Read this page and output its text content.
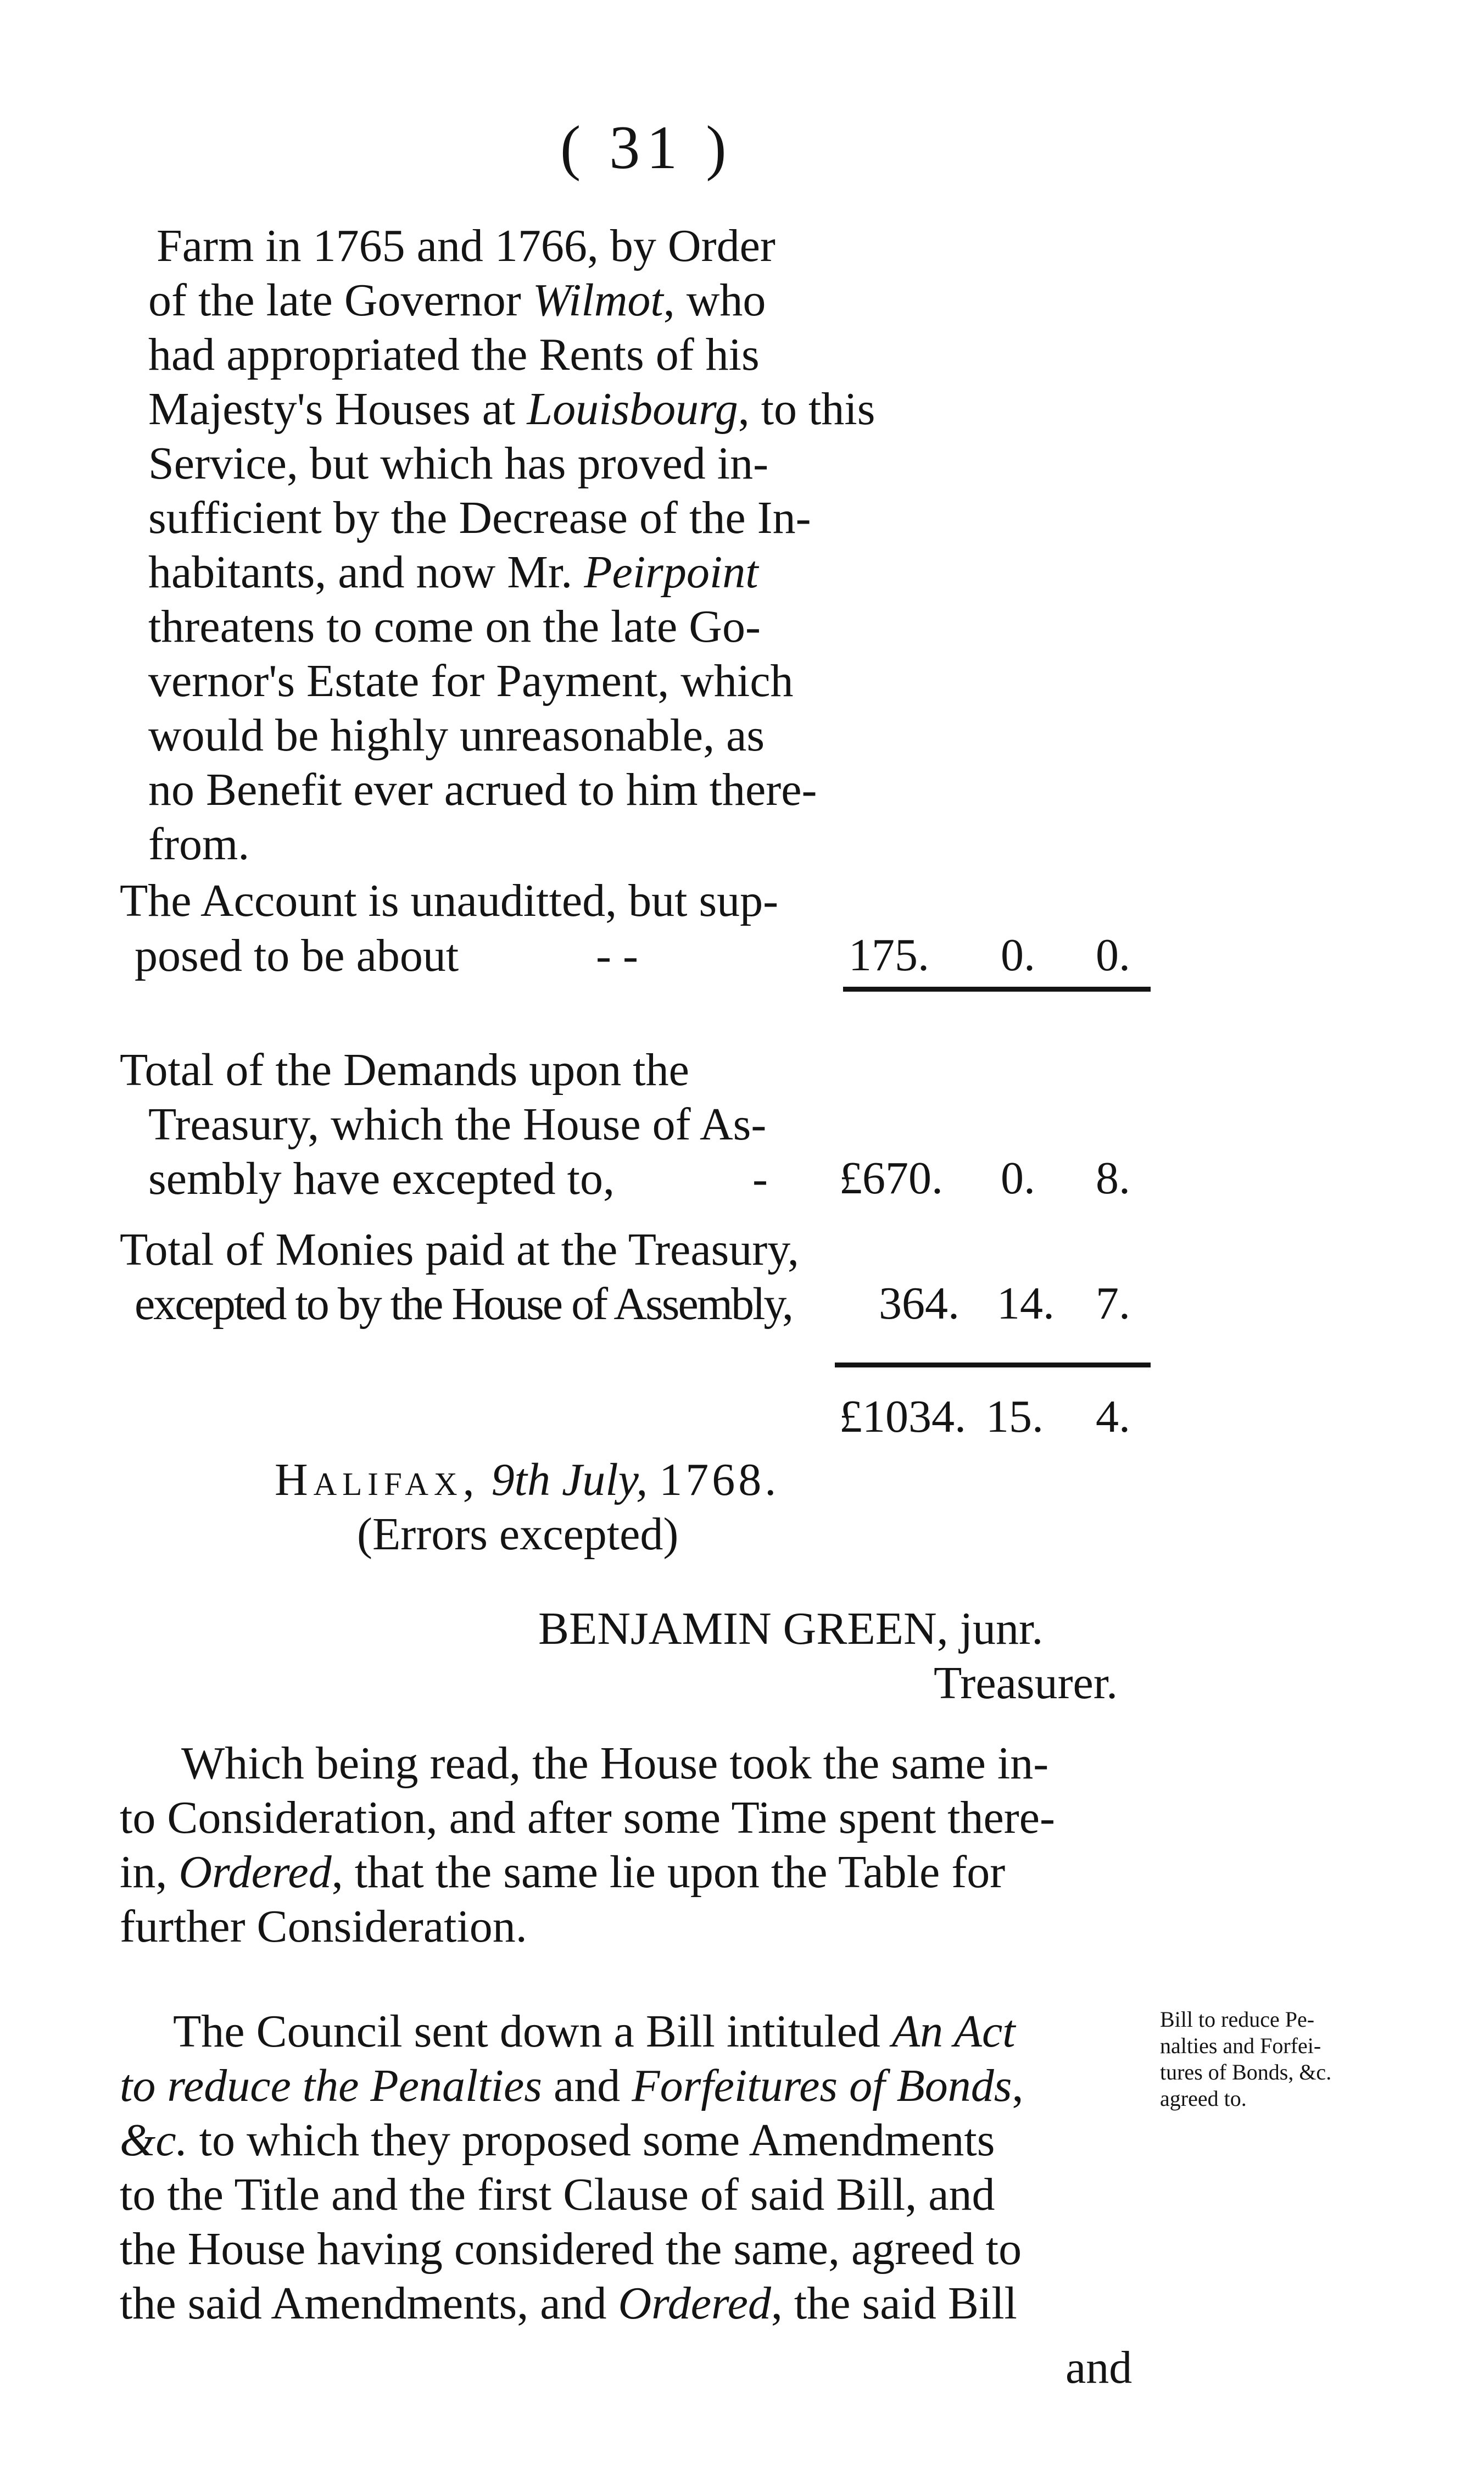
( 31 )
Farm in 1765 and 1766, by Order
of the late Governor Wilmot, who
had appropriated the Rents of his
Majesty's Houses at Louisbourg, to this
Service, but which has proved in-
sufficient by the Decrease of the In-
habitants, and now Mr. Peirpoint
threatens to come on the late Go-
vernor's Estate for Payment, which
would be highly unreasonable, as
no Benefit ever acrued to him there-
from.
The Account is unauditted, but sup-
posed to be about	- -	175. 0. 0.
Total of the Demands upon the
Treasury, which the House of As-
sembly have excepted to,	- £670. 0. 8.
Total of Monies paid at the Treasury,
excepted to by the House of Assembly, 364. 14. 7.
£1034. 15. 4.
Halifax, 9th July, 1768.
(Errors excepted)
BENJAMIN GREEN, junr.
Treasurer.
Which being read, the House took the same in-
to Consideration, and after some Time spent there-
in, Ordered, that the same lie upon the Table for
further Consideration.
The Council sent down a Bill intituled An Act
to reduce the Penalties and Forfeitures of Bonds,
&c. to which they proposed some Amendments
to the Title and the first Clause of said Bill, and
the House having considered the same, agreed to
the said Amendments, and Ordered, the said Bill
and
Bill to reduce Pe-
nalties and Forfei-
tures of Bonds, &c.
agreed to.
